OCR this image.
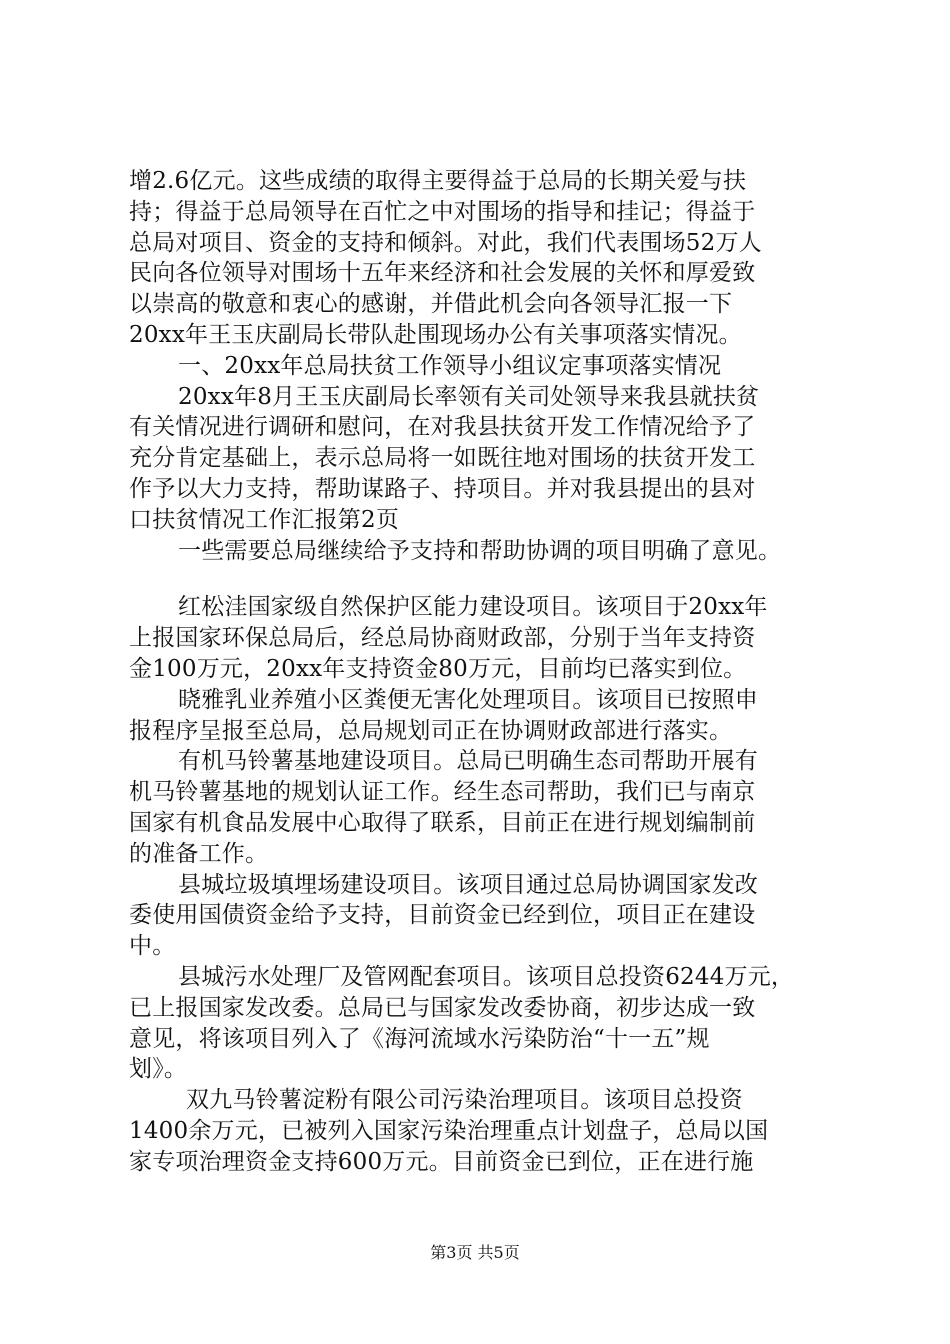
增2.6亿元。这些成绩的取得主要得益于总局的长期关爱与扶
持；得益于总局领导在百忙之中对围场的指导和挂记；得益于
总局对项目、资金的支持和倾斜。对此，我们代表围场52万人
民向各位领导对围场十五年来经济和社会发展的关怀和厚爱致
以崇高的敬意和衷心的感谢，并借此机会向各领导汇报一下
20xx年王玉庆副局长带队赴围现场办公有关事项落实情况。
一、20xx年总局扶贫工作领导小组议定事项落实情况
20xx年8月王玉庆副局长率领有关司处领导来我县就扶贫
有关情况进行调研和慰问，在对我县扶贫开发工作情况给予了
充分肯定基础上，表示总局将一如既往地对围场的扶贫开发工
作予以大力支持，帮助谋路子、持项目。并对我县提出的县对
口扶贫情况工作汇报第2页
一些需要总局继续给予支持和帮助协调的项目明确了意见。
红松洼国家级自然保护区能力建设项目。该项目于20xx年
上报国家环保总局后，经总局协商财政部，分别于当年支持资
金100万元，20xx年支持资金80万元，目前均已落实到位。
晓雅乳业养殖小区粪便无害化处理项目。该项目已按照申
报程序呈报至总局，总局规划司正在协调财政部进行落实。
有机马铃薯基地建设项目。总局已明确生态司帮助开展有
机马铃薯基地的规划认证工作。经生态司帮助，我们已与南京
国家有机食品发展中心取得了联系，目前正在进行规划编制前
的准备工作。
县城垃圾填埋场建设项目。该项目通过总局协调国家发改
委使用国债资金给予支持，目前资金已经到位，项目正在建设
中。
县城污水处理厂及管网配套项目。该项目总投资6244万元，
已上报国家发改委。总局已与国家发改委协商，初步达成一致
意见，将该项目列入了《海河流域水污染防治“十一五”规
划》。
双九马铃薯淀粉有限公司污染治理项目。该项目总投资
1400余万元，已被列入国家污染治理重点计划盘子，总局以国
家专项治理资金支持600万元。目前资金已到位，正在进行施
第3页 共5页
